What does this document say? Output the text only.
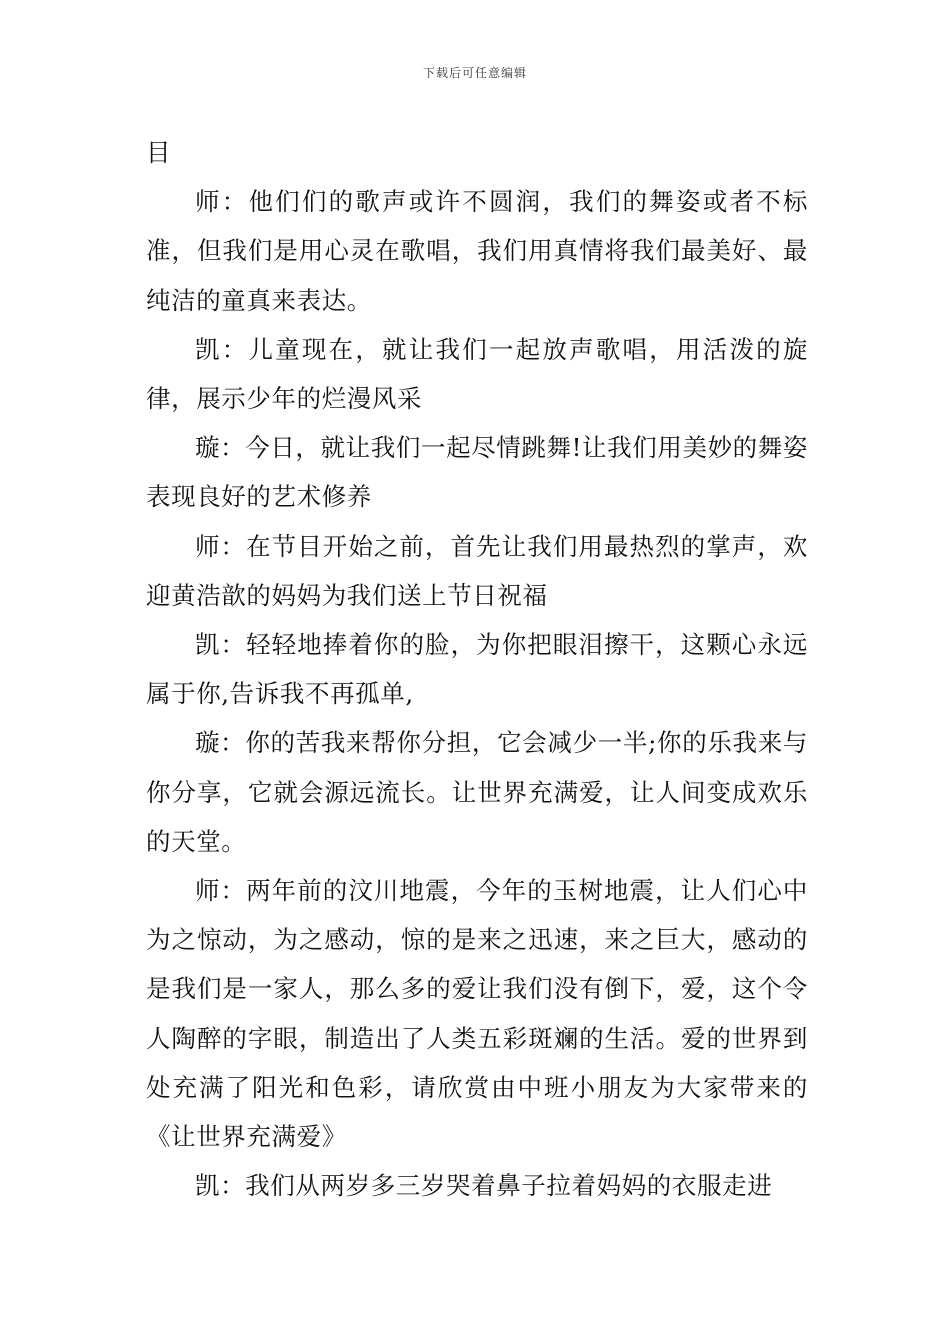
下载后可任意编辑

目

师：他们们的歌声或许不圆润，我们的舞姿或者不标准，但我们是用心灵在歌唱，我们用真情将我们最美好、最纯洁的童真来表达。

凯：儿童现在，就让我们一起放声歌唱，用活泼的旋律，展示少年的烂漫风采

璇：今日，就让我们一起尽情跳舞!让我们用美妙的舞姿表现良好的艺术修养

师：在节目开始之前，首先让我们用最热烈的掌声，欢迎黄浩歆的妈妈为我们送上节日祝福

凯：轻轻地捧着你的脸，为你把眼泪擦干，这颗心永远属于你,告诉我不再孤单,

璇：你的苦我来帮你分担，它会减少一半;你的乐我来与你分享，它就会源远流长。让世界充满爱，让人间变成欢乐的天堂。

师：两年前的汶川地震，今年的玉树地震，让人们心中为之惊动，为之感动，惊的是来之迅速，来之巨大，感动的是我们是一家人，那么多的爱让我们没有倒下，爱，这个令人陶醉的字眼，制造出了人类五彩斑斓的生活。爱的世界到处充满了阳光和色彩，请欣赏由中班小朋友为大家带来的《让世界充满爱》

凯：我们从两岁多三岁哭着鼻子拉着妈妈的衣服走进
